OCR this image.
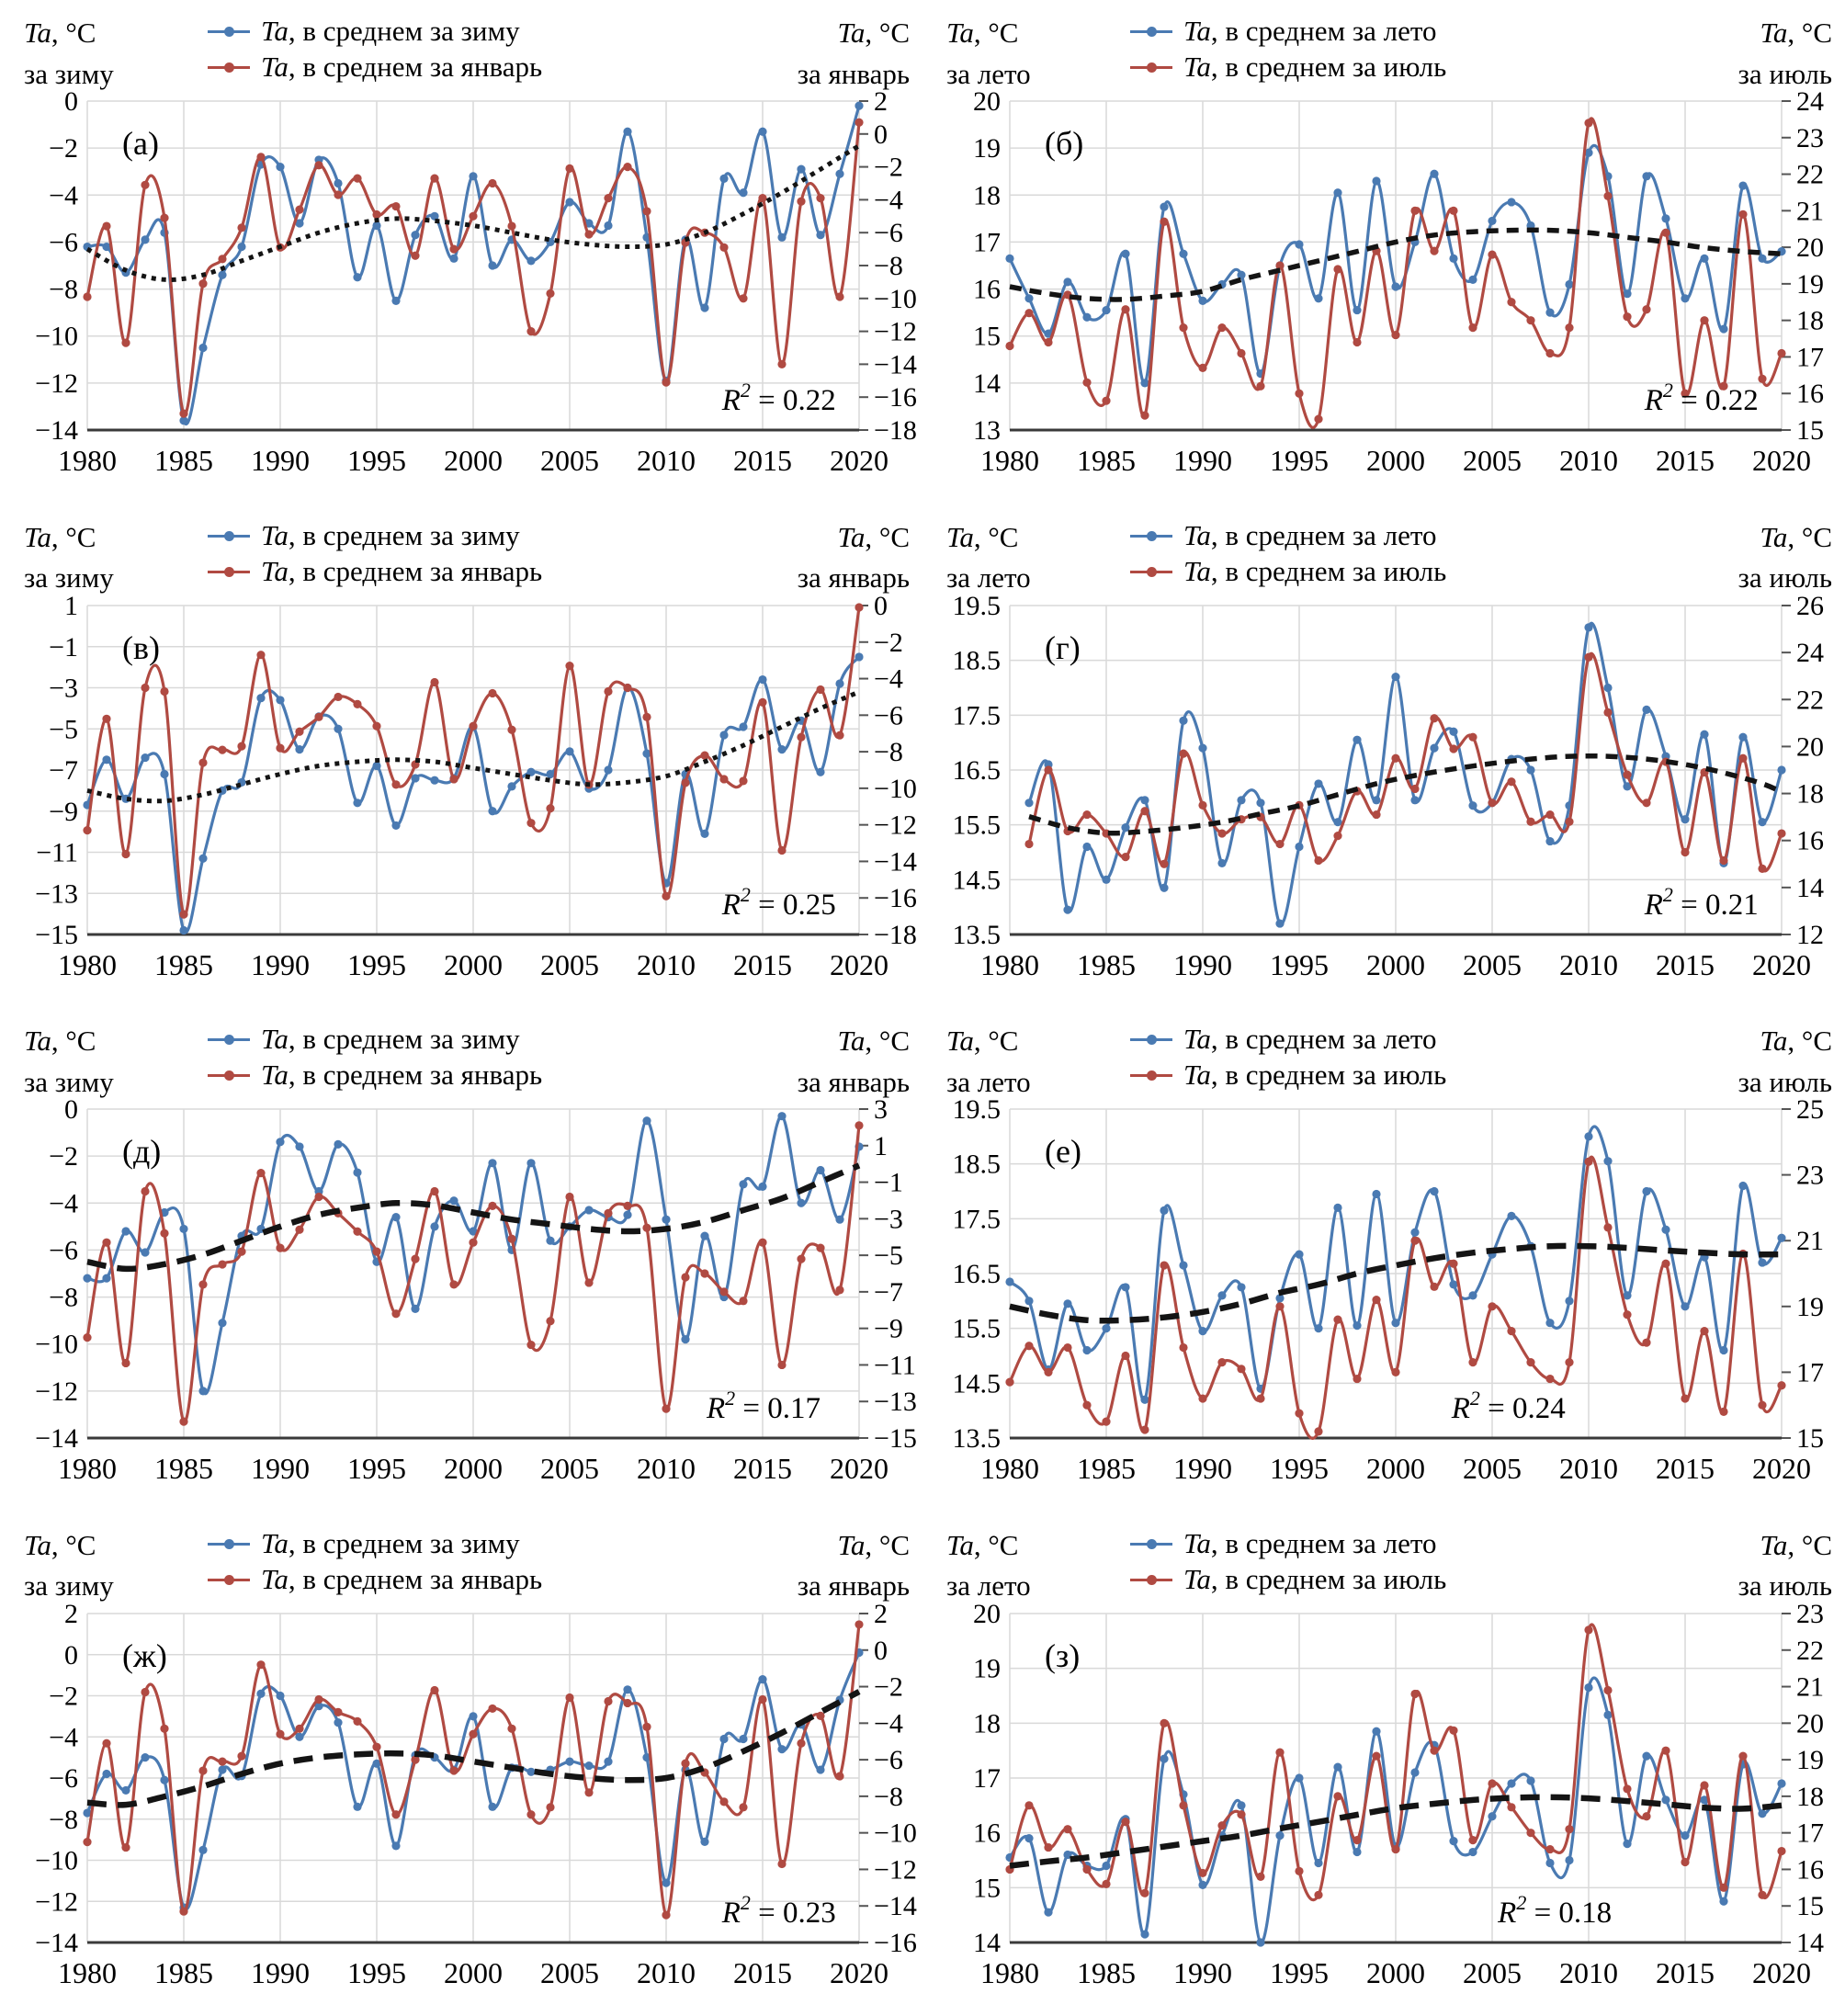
Ta, °C
за зиму
Ta, в среднем за зиму
Ta, в среднем за январь
Ta, °C
за январь
0
−2
−4
−6
−8
−10
−12
−14
2
0
−2
−4
−6
−8
−10
−12
−14
−16
−18
1980 1985 1990 1995 2000 2005 2010 2015 2020
(а)
$R^2 = 0.22$
Ta, °C
за лето
Ta, в среднем за лето
Ta, в среднем за июль
Ta, °C
за июль
20
19
18
17
16
15
14
13
24
23
22
21
20
19
18
17
16
15
1980 1985 1990 1995 2000 2005 2010 2015 2020
(б)
$R^2 = 0.22$
Ta, °C
за зиму
Ta, в среднем за зиму
Ta, в среднем за январь
Ta, °C
за январь
1
−1
−3
−5
−7
−9
−11
−13
−15
0
−2
−4
−6
−8
−10
−12
−14
−16
−18
1980 1985 1990 1995 2000 2005 2010 2015 2020
(в)
$R^2 = 0.25$
Ta, °C
за лето
Ta, в среднем за лето
Ta, в среднем за июль
Ta, °C
за июль
19.5
18.5
17.5
16.5
15.5
14.5
13.5
26
24
22
20
18
16
14
12
1980 1985 1990 1995 2000 2005 2010 2015 2020
(г)
$R^2 = 0.21$
Ta, °C
за зиму
Ta, в среднем за зиму
Ta, в среднем за январь
Ta, °C
за январь
0
−2
−4
−6
−8
−10
−12
−14
3
1
−1
−3
−5
−7
−9
−11
−13
−15
1980 1985 1990 1995 2000 2005 2010 2015 2020
(д)
$R^2 = 0.17$
Ta, °C
за лето
Ta, в среднем за лето
Ta, в среднем за июль
Ta, °C
за июль
19.5
18.5
17.5
16.5
15.5
14.5
13.5
25
23
21
19
17
15
1980 1985 1990 1995 2000 2005 2010 2015 2020
(е)
$R^2 = 0.24$
Ta, °C
за зиму
Ta, в среднем за зиму
Ta, в среднем за январь
Ta, °C
за январь
2
0
−2
−4
−6
−8
−10
−12
−14
2
0
−2
−4
−6
−8
−10
−12
−14
−16
1980 1985 1990 1995 2000 2005 2010 2015 2020
(ж)
$R^2 = 0.23$
Ta, °C
за лето
Ta, в среднем за лето
Ta, в среднем за июль
Ta, °C
за июль
20
19
18
17
16
15
14
23
22
21
20
19
18
17
16
15
14
1980 1985 1990 1995 2000 2005 2010 2015 2020
(з)
$R^2 = 0.18$
